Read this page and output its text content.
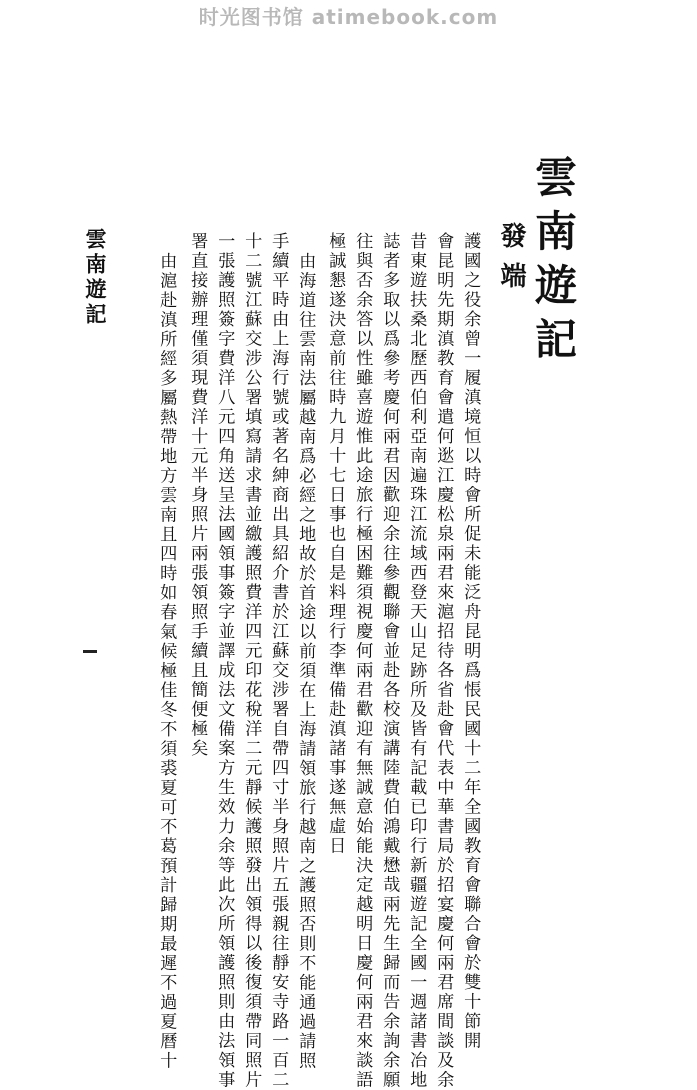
时光图书馆 atimebook.com
雲南遊記
發端
護國之役余曾一履滇境恒以時會所促未能泛舟昆明爲悵民國十二年全國教育會聯合會於雙十節開
會昆明先期滇教育會遣何逖江慶松泉兩君來滬招待各省赴會代表中華書局於招宴慶何兩君席間談及余
昔東遊扶桑北歷西伯利亞南遍珠江流域西登天山足跡所及皆有記載已印行新疆遊記全國一週諸書冶地
誌者多取以爲參考慶何兩君因歡迎余往參觀聯會並赴各校演講陸費伯鴻戴懋哉兩先生歸而告余詢余願
往與否余答以性雖喜遊惟此途旅行極困難須視慶何兩君歡迎有無誠意始能決定越明日慶何兩君來談語
極誠懇遂決意前往時九月十七日事也自是料理行李準備赴滇諸事遂無虛日
由海道往雲南法屬越南爲必經之地故於首途以前須在上海請領旅行越南之護照否則不能通過請照
手續平時由上海行號或著名紳商出具紹介書於江蘇交涉署自帶四寸半身照片五張親往靜安寺路一百二
十二號江蘇交涉公署填寫請求書並繳護照費洋四元印花稅洋二元靜候護照發出領得以後復須帶同照片
一張護照簽字費洋八元四角送呈法國領事簽字並譯成法文備案方生效力余等此次所領護照則由法領事
署直接辦理僅須現費洋十元半身照片兩張領照手續且簡便極矣
由滬赴滇所經多屬熱帶地方雲南且四時如春氣候極佳冬不須裘夏可不葛預計歸期最遲不過夏曆十
雲南遊記
